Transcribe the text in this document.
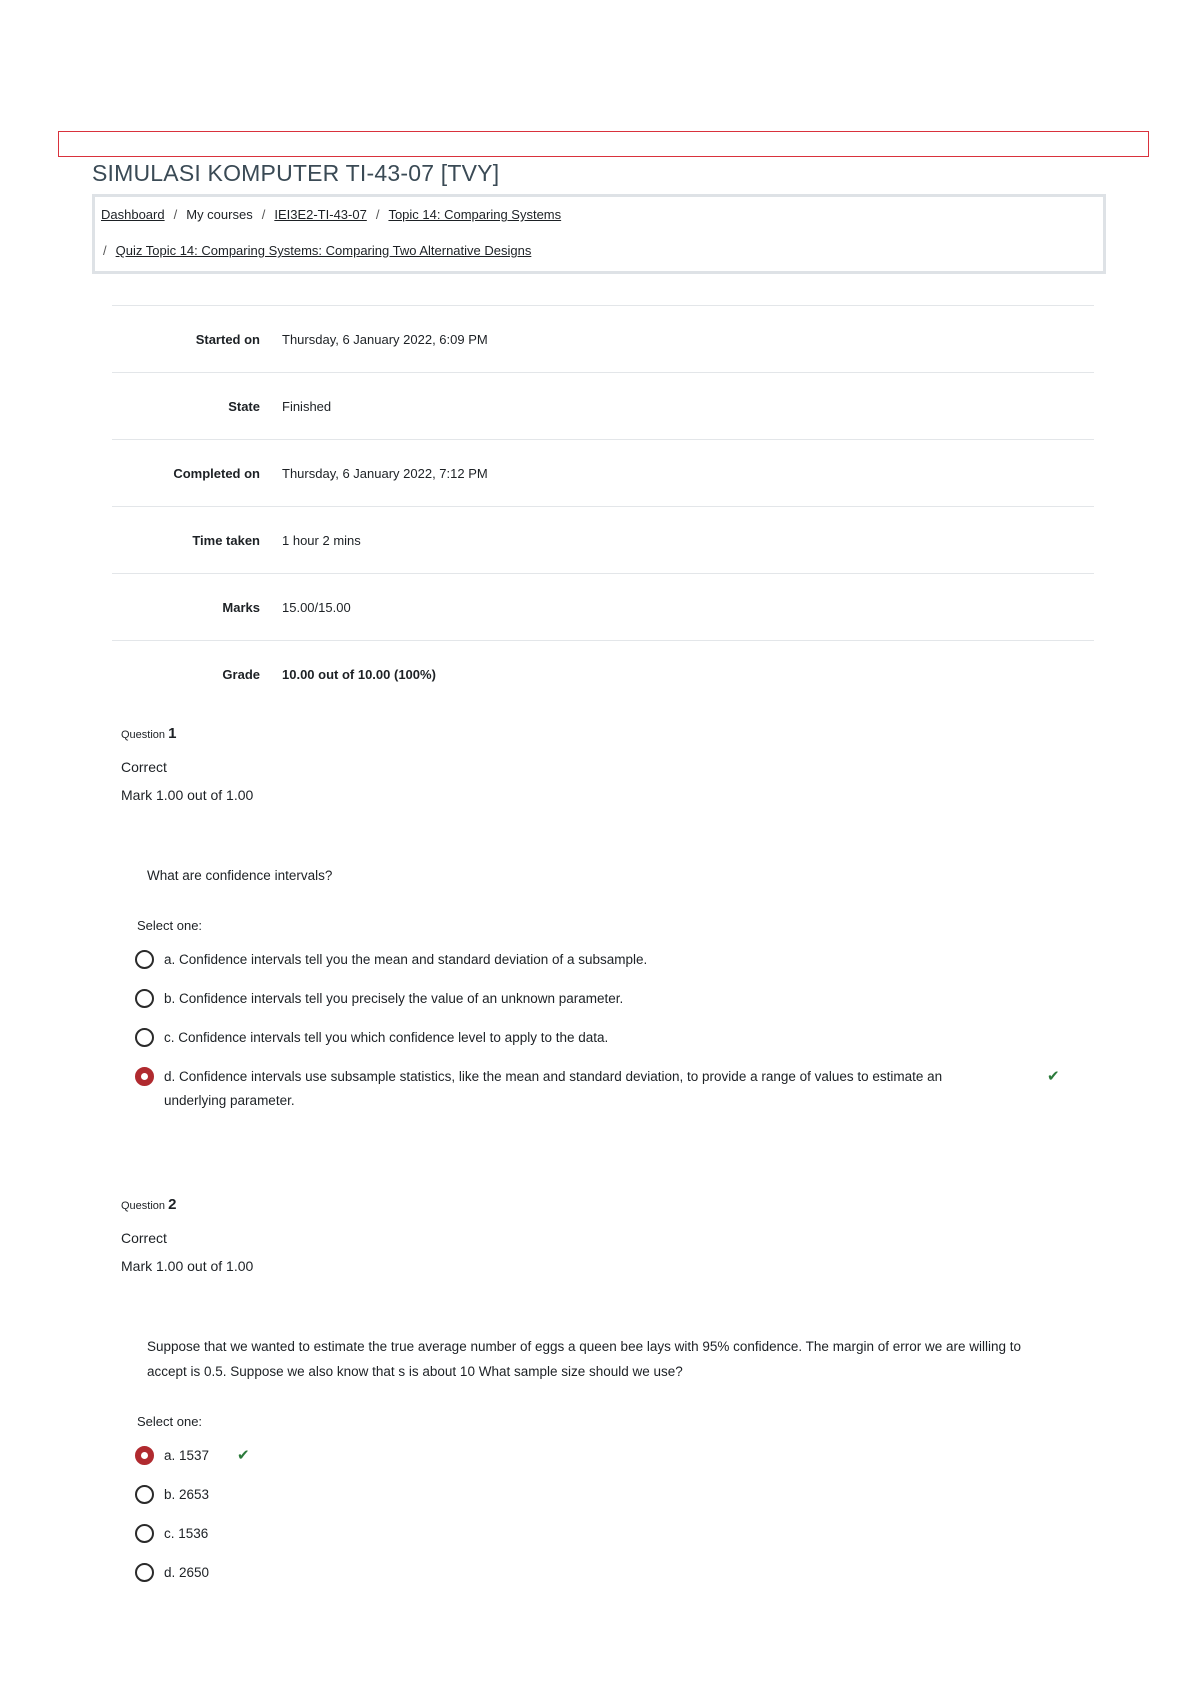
SIMULASI KOMPUTER TI-43-07 [TVY]
Dashboard / My courses / IEI3E2-TI-43-07 / Topic 14: Comparing Systems
/ Quiz Topic 14: Comparing Systems: Comparing Two Alternative Designs
Started on	Thursday, 6 January 2022, 6:09 PM
State	Finished
Completed on	Thursday, 6 January 2022, 7:12 PM
Time taken	1 hour 2 mins
Marks	15.00/15.00
Grade	10.00 out of 10.00 (100%)
Question 1
Correct
Mark 1.00 out of 1.00
What are confidence intervals?
Select one:
a. Confidence intervals tell you the mean and standard deviation of a subsample.
b. Confidence intervals tell you precisely the value of an unknown parameter.
c. Confidence intervals tell you which confidence level to apply to the data.
d. Confidence intervals use subsample statistics, like the mean and standard deviation, to provide a range of values to estimate an underlying parameter.
✔
Question 2
Correct
Mark 1.00 out of 1.00
Suppose that we wanted to estimate the true average number of eggs a queen bee lays with 95% confidence. The margin of error we are willing to accept is 0.5. Suppose we also know that s is about 10 What sample size should we use?
Select one:
a. 1537 ✔
b. 2653
c. 1536
d. 2650
